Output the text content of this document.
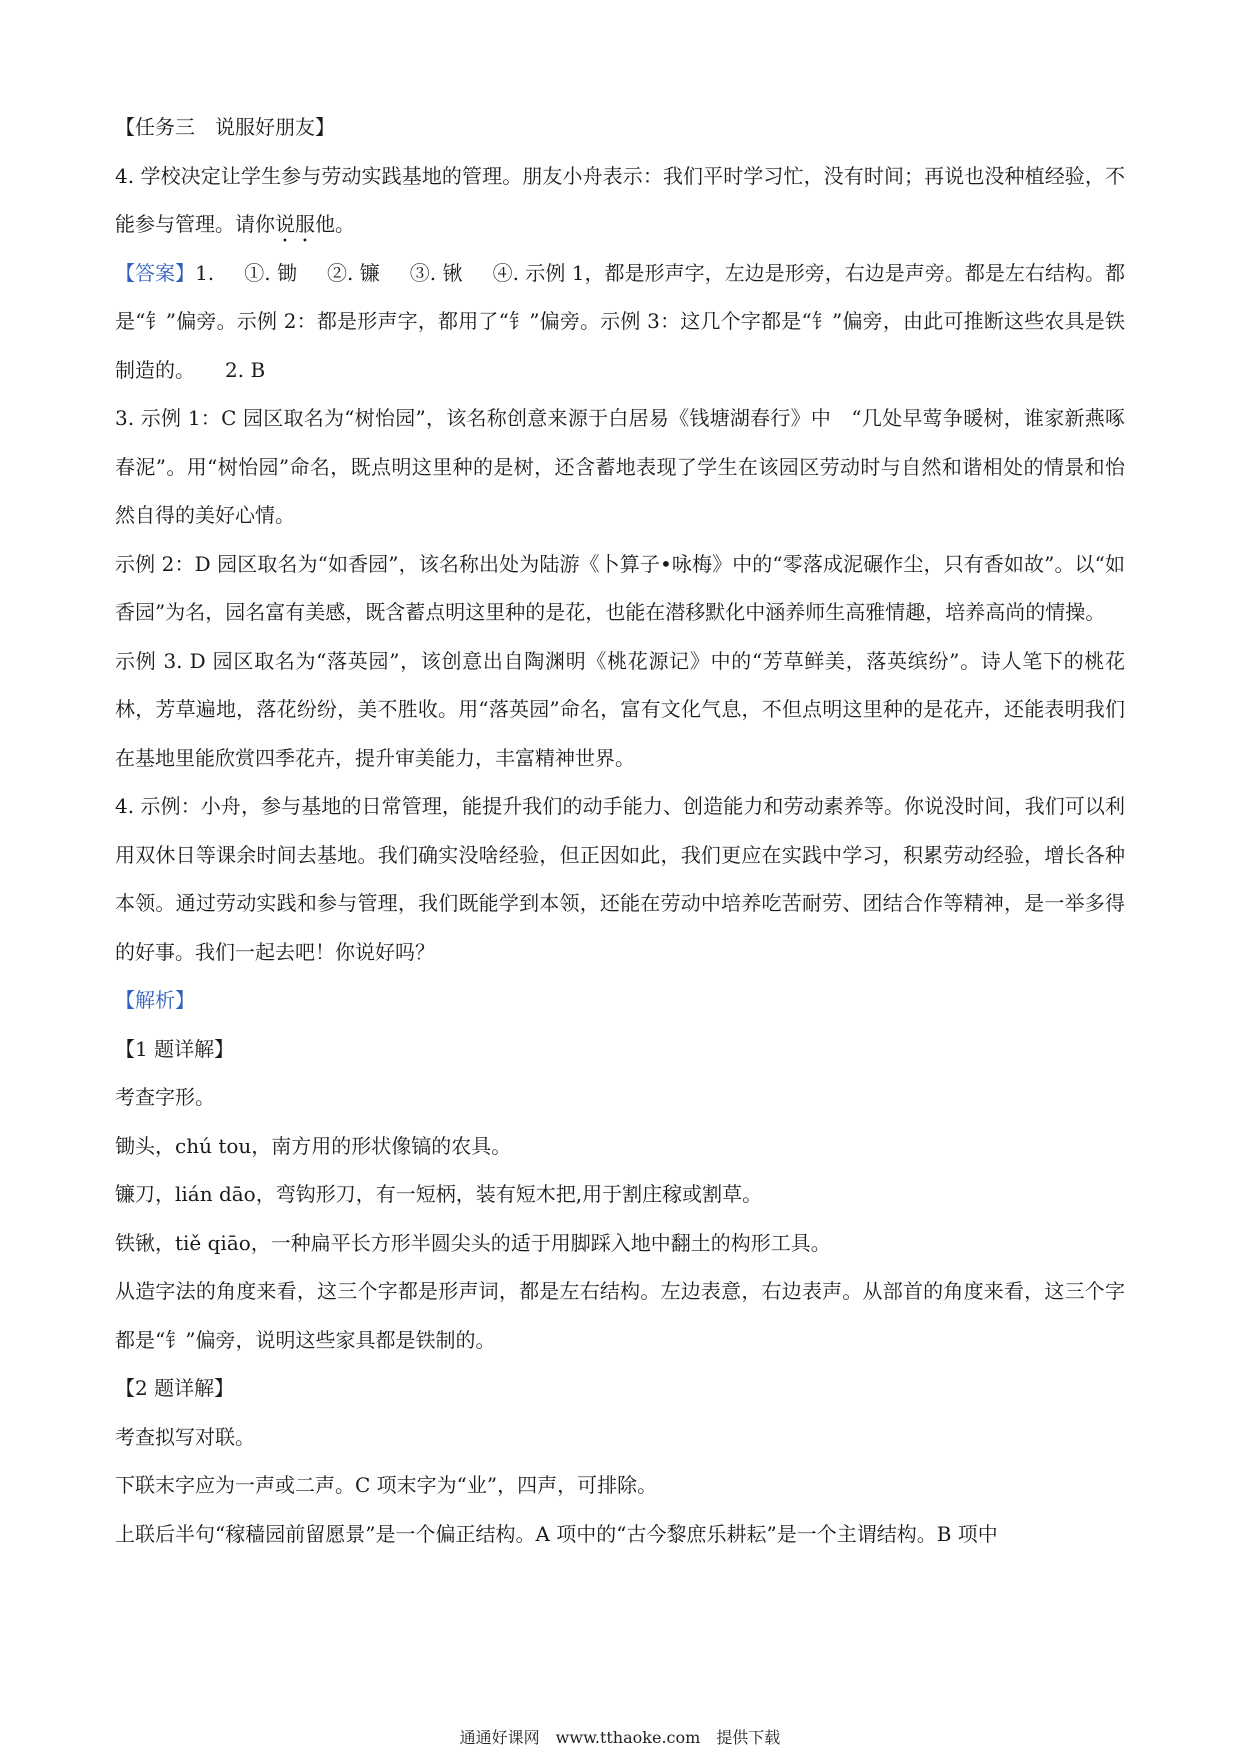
【任务三　说服好朋友】

4. 学校决定让学生参与劳动实践基地的管理。朋友小舟表示：我们平时学习忙，没有时间；再说也没种植经验，不能参与管理。请你说服他。

【答案】1. ①. 锄 ②. 镰 ③. 锹 ④. 示例 1，都是形声字，左边是形旁，右边是声旁。都是左右结构。都是“钅”偏旁。示例 2：都是形声字，都用了“钅”偏旁。示例 3：这几个字都是“钅”偏旁，由此可推断这些农具是铁制造的。 2. B

3. 示例 1：C 园区取名为“树怡园”，该名称创意来源于白居易《钱塘湖春行》中　“几处早莺争暖树，谁家新燕啄春泥”。用“树怡园”命名，既点明这里种的是树，还含蓄地表现了学生在该园区劳动时与自然和谐相处的情景和怡然自得的美好心情。

示例 2：D 园区取名为“如香园”，该名称出处为陆游《卜算子•咏梅》中的“零落成泥碾作尘，只有香如故”。以“如香园”为名，园名富有美感，既含蓄点明这里种的是花，也能在潜移默化中涵养师生高雅情趣，培养高尚的情操。

示例 3. D 园区取名为“落英园”，该创意出自陶渊明《桃花源记》中的“芳草鲜美，落英缤纷”。诗人笔下的桃花林，芳草遍地，落花纷纷，美不胜收。用“落英园”命名，富有文化气息，不但点明这里种的是花卉，还能表明我们在基地里能欣赏四季花卉，提升审美能力，丰富精神世界。

4. 示例：小舟，参与基地的日常管理，能提升我们的动手能力、创造能力和劳动素养等。你说没时间，我们可以利用双休日等课余时间去基地。我们确实没啥经验，但正因如此，我们更应在实践中学习，积累劳动经验，增长各种本领。通过劳动实践和参与管理，我们既能学到本领，还能在劳动中培养吃苦耐劳、团结合作等精神，是一举多得的好事。我们一起去吧！你说好吗？

【解析】

【1 题详解】

考查字形。

锄头，chú tou，南方用的形状像镐的农具。

镰刀，lián dāo，弯钩形刀，有一短柄，装有短木把,用于割庄稼或割草。

铁锹，tiě qiāo，一种扁平长方形半圆尖头的适于用脚踩入地中翻土的构形工具。

从造字法的角度来看，这三个字都是形声词，都是左右结构。左边表意，右边表声。从部首的角度来看，这三个字都是“钅”偏旁，说明这些家具都是铁制的。

【2 题详解】

考查拟写对联。

下联末字应为一声或二声。C 项末字为“业”，四声，可排除。

上联后半句“稼穑园前留愿景”是一个偏正结构。A 项中的“古今黎庶乐耕耘”是一个主谓结构。B 项中

通通好课网　www.tthaoke.com　提供下载
